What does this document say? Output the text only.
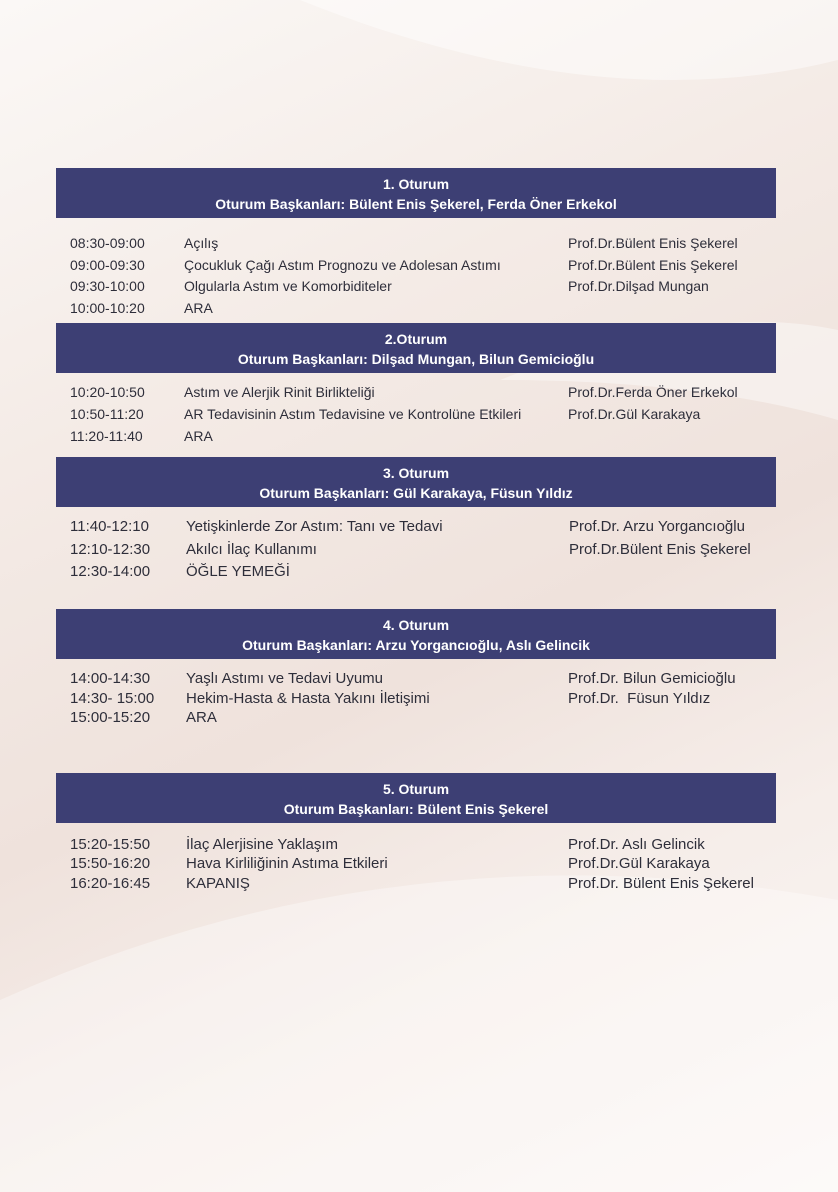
1. Oturum
Oturum Başkanları: Bülent Enis Şekerel, Ferda Öner Erkekol
08:30-09:00	Açılış	Prof.Dr.Bülent Enis Şekerel
09:00-09:30	Çocukluk Çağı Astım Prognozu ve Adolesan Astımı	Prof.Dr.Bülent Enis Şekerel
09:30-10:00	Olgularla Astım ve Komorbiditeler	Prof.Dr.Dilşad Mungan
10:00-10:20	ARA
2.Oturum
Oturum Başkanları: Dilşad Mungan, Bilun Gemicioğlu
10:20-10:50	Astım ve Alerjik Rinit Birlikteliği	Prof.Dr.Ferda Öner Erkekol
10:50-11:20	AR Tedavisinin Astım Tedavisine ve Kontrolüne Etkileri	Prof.Dr.Gül Karakaya
11:20-11:40	ARA
3. Oturum
Oturum Başkanları: Gül Karakaya, Füsun Yıldız
11:40-12:10 Yetişkinlerde Zor Astım: Tanı ve Tedavi	Prof.Dr. Arzu Yorgancıoğlu
12:10-12:30 Akılcı İlaç Kullanımı	Prof.Dr.Bülent Enis Şekerel
12:30-14:00 ÖĞLE YEMEĞİ
4. Oturum
Oturum Başkanları: Arzu Yorgancıoğlu, Aslı Gelincik
14:00-14:30 Yaşlı Astımı ve Tedavi Uyumu	Prof.Dr. Bilun Gemicioğlu
14:30- 15:00 Hekim-Hasta & Hasta Yakını İletişimi	Prof.Dr.  Füsun Yıldız
15:00-15:20 ARA
5. Oturum
Oturum Başkanları: Bülent Enis Şekerel
15:20-15:50 İlaç Alerjisine Yaklaşım	Prof.Dr. Aslı Gelincik
15:50-16:20 Hava Kirliliğinin Astıma Etkileri	Prof.Dr.Gül Karakaya
16:20-16:45 KAPANIŞ	Prof.Dr. Bülent Enis Şekerel
